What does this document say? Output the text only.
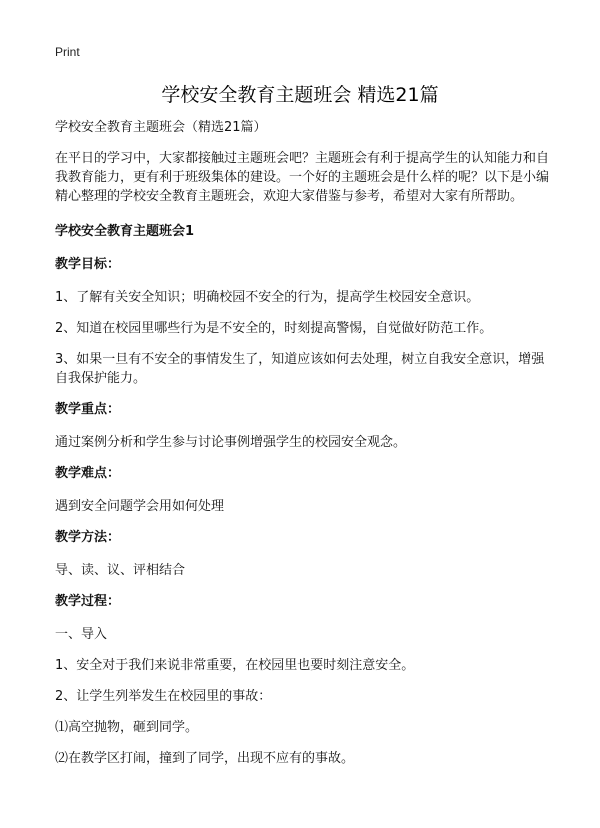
Print
学校安全教育主题班会 精选21篇

学校安全教育主题班会（精选21篇）

在平日的学习中，大家都接触过主题班会吧？主题班会有利于提高学生的认知能力和自我教育能力，更有利于班级集体的建设。一个好的主题班会是什么样的呢？以下是小编精心整理的学校安全教育主题班会，欢迎大家借鉴与参考，希望对大家有所帮助。

学校安全教育主题班会1

教学目标：

1、了解有关安全知识；明确校园不安全的行为，提高学生校园安全意识。

2、知道在校园里哪些行为是不安全的，时刻提高警惕，自觉做好防范工作。

3、如果一旦有不安全的事情发生了，知道应该如何去处理，树立自我安全意识，增强自我保护能力。

教学重点：

通过案例分析和学生参与讨论事例增强学生的校园安全观念。

教学难点：

遇到安全问题学会用如何处理

教学方法：

导、读、议、评相结合

教学过程：

一、导入

1、安全对于我们来说非常重要，在校园里也要时刻注意安全。

2、让学生列举发生在校园里的事故：

⑴高空抛物，砸到同学。

⑵在教学区打闹，撞到了同学，出现不应有的事故。
